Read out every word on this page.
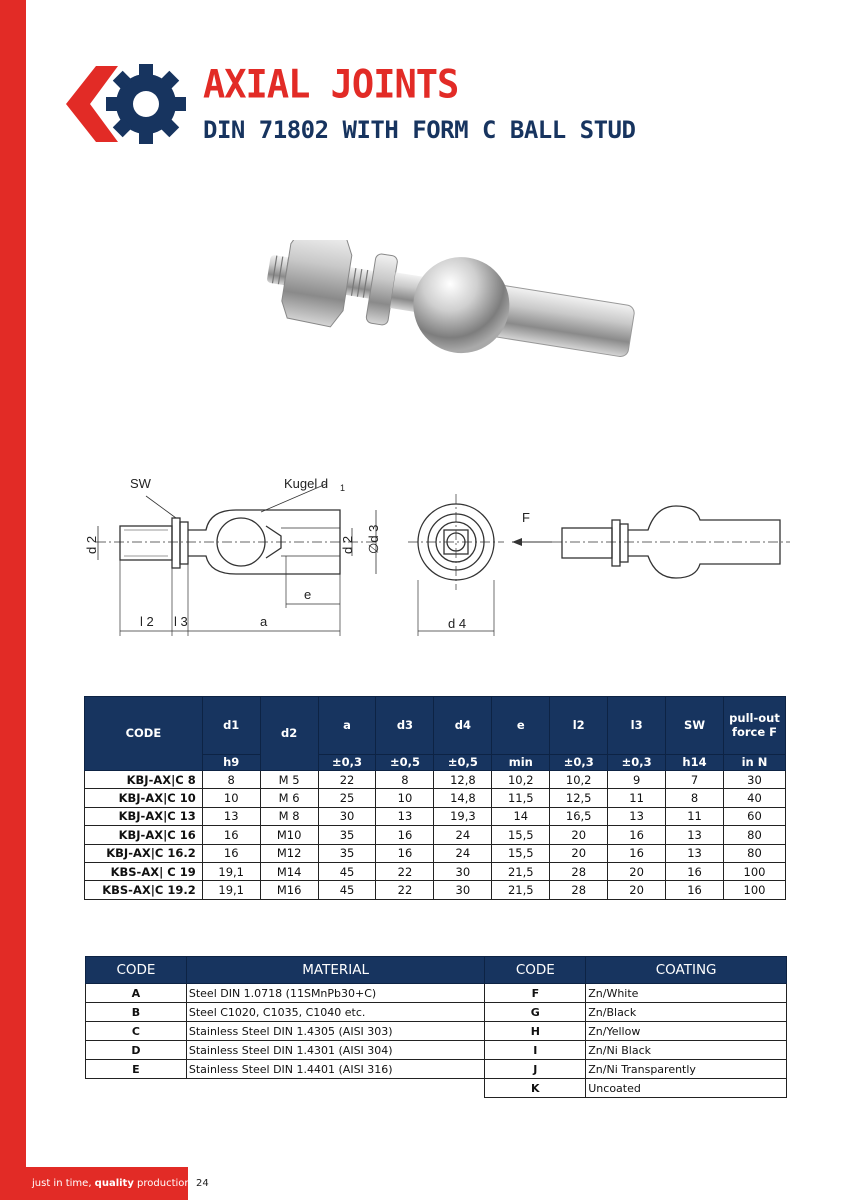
AXIAL JOINTS
DIN 71802 WITH FORM C BALL STUD
SW	Kugel d 1
d 2	d 2 ∅d 3
d 4
e
l 2 l 3	a
F
CODE	d1	d2	a	d3	d4	e	l2	l3	SW	pull-out force F
	h9		±0,3	±0,5	±0,5	min	±0,3	±0,3	h14	in N
KBJ-AX|C 8	8	M 5	22	8	12,8	10,2	10,2	9	7	30
KBJ-AX|C 10	10	M 6	25	10	14,8	11,5	12,5	11	8	40
KBJ-AX|C 13	13	M 8	30	13	19,3	14	16,5	13	11	60
KBJ-AX|C 16	16	M10	35	16	24	15,5	20	16	13	80
KBJ-AX|C 16.2	16	M12	35	16	24	15,5	20	16	13	80
KBS-AX| C 19	19,1	M14	45	22	30	21,5	28	20	16	100
KBS-AX|C 19.2	19,1	M16	45	22	30	21,5	28	20	16	100
CODE	MATERIAL	CODE	COATING
A	Steel DIN 1.0718 (11SMnPb30+C)	F	Zn/White
B	Steel C1020, C1035, C1040 etc.	G	Zn/Black
C	Stainless Steel DIN 1.4305 (AISI 303)	H	Zn/Yellow
D	Stainless Steel DIN 1.4301 (AISI 304)	I	Zn/Ni Black
E	Stainless Steel DIN 1.4401 (AISI 316)	J	Zn/Ni Transparently
		K	Uncoated
just in time, quality production 24
